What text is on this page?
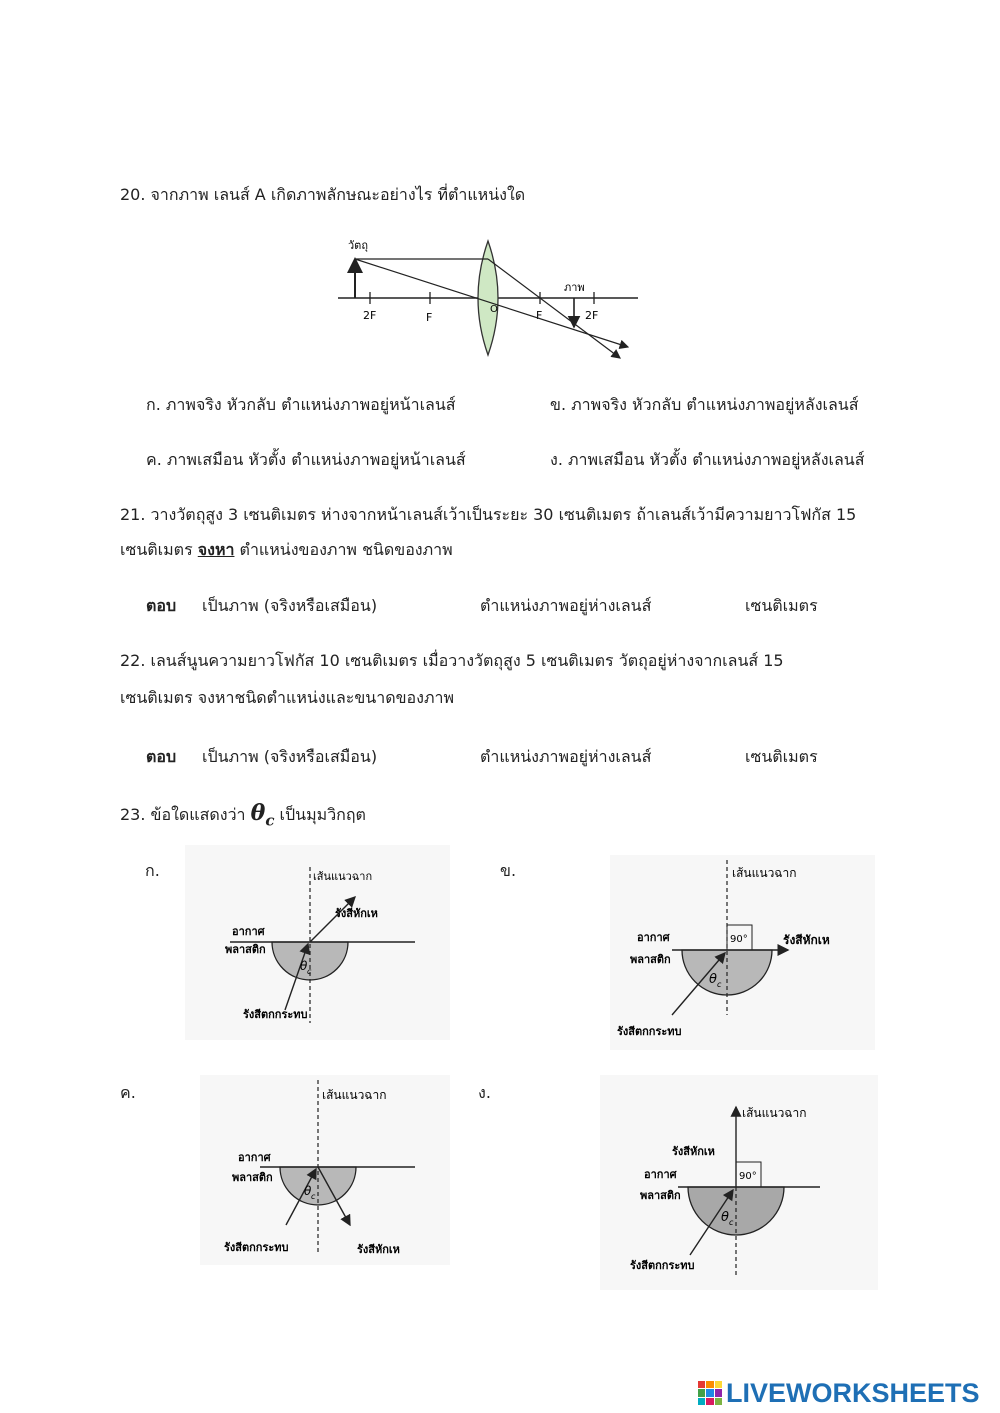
20. จากภาพ เลนส์ A เกิดภาพลักษณะอย่างไร ที่ตำแหน่งใด
วัตถุ
O
2F	F	F	2F
ภาพ
ก. ภาพจริง หัวกลับ ตำแหน่งภาพอยู่หน้าเลนส์	ข. ภาพจริง หัวกลับ ตำแหน่งภาพอยู่หลังเลนส์
ค. ภาพเสมือน หัวตั้ง ตำแหน่งภาพอยู่หน้าเลนส์	ง. ภาพเสมือน หัวตั้ง ตำแหน่งภาพอยู่หลังเลนส์
21. วางวัตถุสูง 3 เซนติเมตร ห่างจากหน้าเลนส์เว้าเป็นระยะ 30 เซนติเมตร ถ้าเลนส์เว้ามีความยาวโฟกัส 15
เซนติเมตร จงหา ตำแหน่งของภาพ ชนิดของภาพ
ตอบ เป็นภาพ (จริงหรือเสมือน)	ตำแหน่งภาพอยู่ห่างเลนส์	เซนติเมตร
22. เลนส์นูนความยาวโฟกัส 10 เซนติเมตร เมื่อวางวัตถุสูง 5 เซนติเมตร วัตถุอยู่ห่างจากเลนส์ 15
เซนติเมตร จงหาชนิดตำแหน่งและขนาดของภาพ
ตอบ เป็นภาพ (จริงหรือเสมือน)	ตำแหน่งภาพอยู่ห่างเลนส์	เซนติเมตร
23. ข้อใดแสดงว่า $\theta_c$ เป็นมุมวิกฤต
ก.	ข.
ค.	ง.
เส้นแนวฉาก
รังสีหักเห
อากาศ
พลาสติก
θ c
รังสีตกกระทบ
90°
เส้นแนวฉาก
รังสีหักเห
อากาศ
พลาสติก
θ c
รังสีตกกระทบ
เส้นแนวฉาก
อากาศ
พลาสติก
θ c
รังสีตกกระทบ	รังสีหักเห
90°
เส้นแนวฉาก
รังสีหักเห
อากาศ
พลาสติก
θ c
รังสีตกกระทบ
LIVEWORKSHEETS
